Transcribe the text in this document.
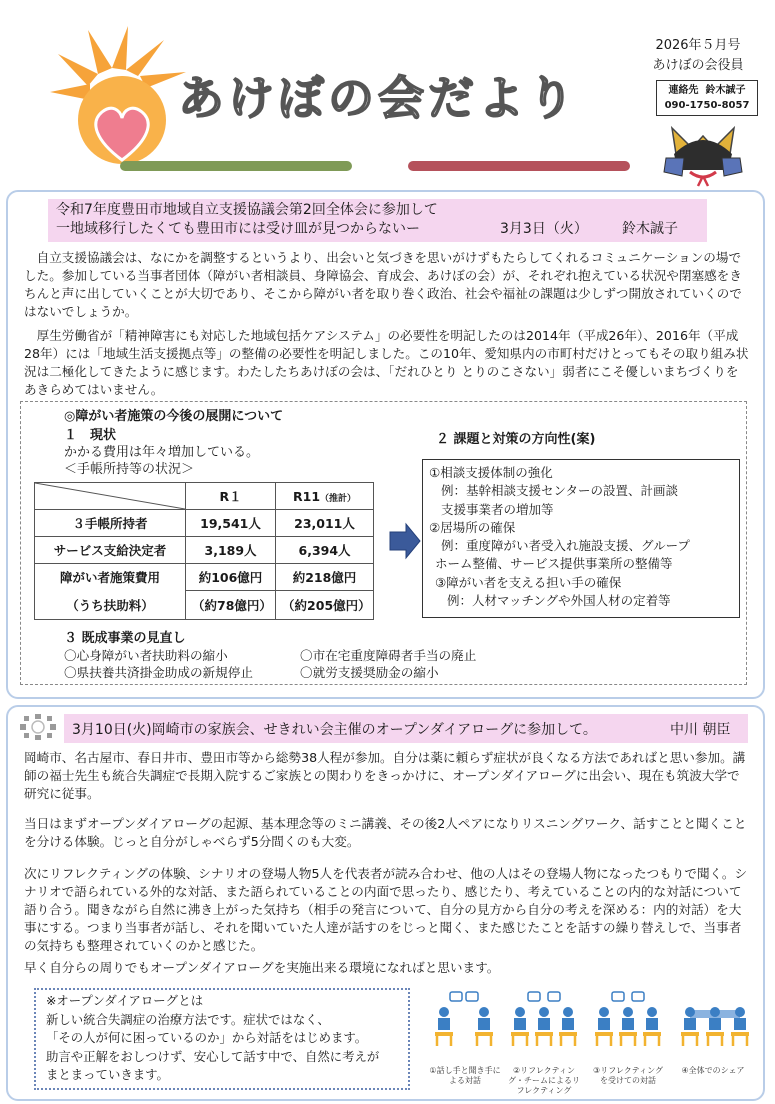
あけぼの会だより
2026年５月号
あけぼの会役員
連絡先 鈴木誠子
090-1750-8057
令和7年度豊田市地域自立支援協議会第2回全体会に参加して
一地域移行したくても豊田市には受け皿が見つからないー	3月3日（火） 鈴木誠子
自立支援協議会は、なにかを調整するというより、出会いと気づきを思いがけずもたらしてくれるコミュニケーションの場でした。参加している当事者団体（障がい者相談員、身障協会、育成会、あけぼの会）が、それぞれ抱えている状況や閉塞感をきちんと声に出していくことが大切であり、そこから障がい者を取り巻く政治、社会や福祉の課題は少しずつ開放されていくのではないでしょうか。
厚生労働省が「精神障害にも対応した地域包括ケアシステム」の必要性を明記したのは2014年（平成26年）、2016年（平成28年）には「地域生活支援拠点等」の整備の必要性を明記しました。この10年、愛知県内の市町村だけとってもその取り組み状況は二極化してきたように感じます。わたしたちあけぼの会は、「だれひとり とりのこさない」弱者にこそ優しいまちづくりをあきらめてはいません。
◎障がい者施策の今後の展開について
１　現状
かかる費用は年々増加している。
＜手帳所持等の状況＞
	R１	R11（推計）
３手帳所持者	19,541人	23,011人
サービス支給決定者	3,189人	6,394人
障がい者施策費用	約106億円	約218億円
（うち扶助料）	（約78億円）	（約205億円）
２ 課題と対策の方向性(案)
①相談支援体制の強化
例：基幹相談支援センターの設置、計画談
支援事業者の増加等
②居場所の確保
例：重度障がい者受入れ施設支援、グループ
ホーム整備、サービス提供事業所の整備等
③障がい者を支える担い手の確保
例：人材マッチングや外国人材の定着等
３ 既成事業の見直し
〇心身障がい者扶助料の縮小	〇市在宅重度障碍者手当の廃止
〇県扶養共済掛金助成の新規停止	〇就労支援奨励金の縮小
3月10日(火)岡崎市の家族会、せきれい会主催のオープンダイアローグに参加して。	中川 朝臣
岡崎市、名古屋市、春日井市、豊田市等から総勢38人程が参加。自分は薬に頼らず症状が良くなる方法であればと思い参加。講師の福士先生も統合失調症で長期入院するご家族との関わりをきっかけに、オープンダイアローグに出会い、現在も筑波大学で研究に従事。
当日はまずオープンダイアローグの起源、基本理念等のミニ講義、その後2人ペアになりリスニングワーク、話すことと聞くことを分ける体験。じっと自分がしゃべらず5分間くのも大変。
次にリフレクティングの体験、シナリオの登場人物5人を代表者が読み合わせ、他の人はその登場人物になったつもりで聞く。シナリオで語られている外的な対話、また語られていることの内面で思ったり、感じたり、考えていることの内的な対話について語り合う。聞きながら自然に沸き上がった気持ち（相手の発言について、自分の見方から自分の考えを深める：内的対話）を大事にする。つまり当事者が話し、それを聞いていた人達が話すのをじっと聞く、また感じたことを話すの繰り替えしで、当事者の気持ちも整理されていくのかと感じた。
早く自分らの周りでもオープンダイアローグを実施出来る環境になればと思います。
※オープンダイアローグとは
新しい統合失調症の治療方法です。症状ではなく、
「その人が何に困っているのか」から対話をはじめます。
助言や正解をおしつけず、安心して話す中で、自然に考えが
まとまっていきます。	①話し手と聞き手による対話
②リフレクティング・チームによるリフレクティング
③リフレクティングを受けての対話
④全体でのシェア
